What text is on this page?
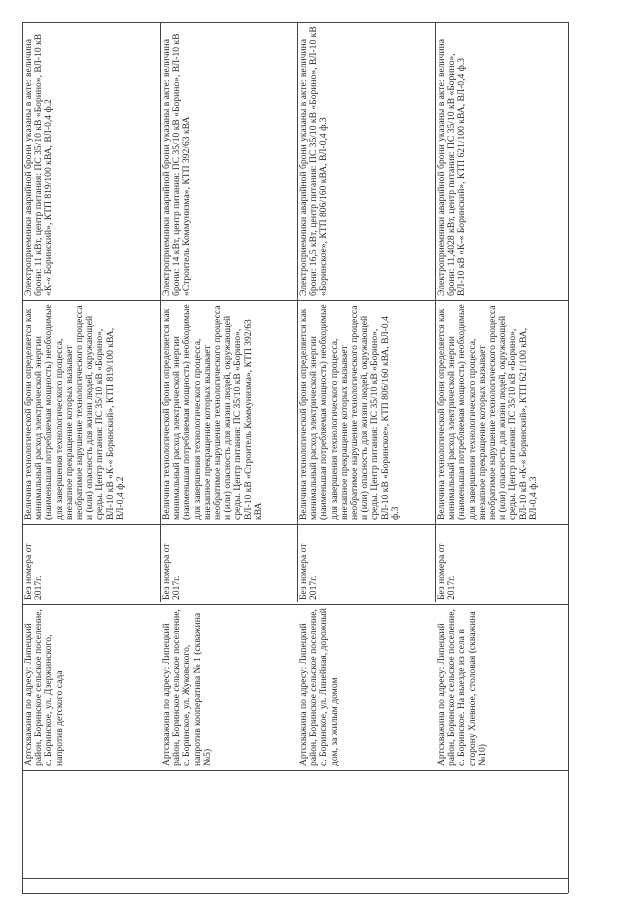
Электроприемники аварийной брони указаны в акте: величина брони: 11 кВт, центр питания: ПС 35/10 кВ «Борино», ВЛ-10 кВ «К-« Боринский», КТП 819/100 кВА, ВЛ-0,4 ф.2
Величина технологической брони определяется как минимальный расход электрической энергии (наименьшая потребляемая мощность) необходимые для завершения технологического процесса, внезапное прекращение которых вызывает необратимое нарушение технологического процесса и (или) опасность для жизни людей, окружающей среды. Центр питания: ПС 35/10 кВ «Борино», ВЛ-10 кВ «К-« Боринский», КТП 819/100 кВА, ВЛ-0,4 ф.2
Без номера от 2017г.
Артскважина по адресу: Липецкий район, Боринское сельское поселение, с. Боринское, ул. Дзержинского, напротив детского сада
Электроприемники аварийной брони указаны в акте: величина брони: 14 кВт, центр питания: ПС 35/10 кВ «Борино», ВЛ-10 кВ «Строитель Коммунизма», КТП 392/63 кВА
Величина технологической брони определяется как минимальный расход электрической энергии (наименьшая потребляемая мощность) необходимые для завершения технологического процесса, внезапное прекращение которых вызывает необратимое нарушение технологического процесса и (или) опасность для жизни людей, окружающей среды. Центр питания: ПС 35/10 кВ «Борино», ВЛ-10 кВ «Строитель Коммунизма», КТП 392/63 кВА
Без номера от 2017г.
Артскважина по адресу: Липецкий район, Боринское сельское поселение, с. Боринское, ул. Жуковского, напротив кооператива № 1 (скважина №5)
Электроприемники аварийной брони указаны в акте: величина брони: 16,5 кВт, центр питания: ПС 35/10 кВ «Борино», ВЛ-10 кВ «Боринское», КТП 806/160 кВА, ВЛ-0,4 ф.3
Величина технологической брони определяется как минимальный расход электрической энергии (наименьшая потребляемая мощность) необходимые для завершения технологического процесса, внезапное прекращение которых вызывает необратимое нарушение технологического процесса и (или) опасность для жизни людей, окружающей среды. Центр питания: ПС 35/10 кВ «Борино», ВЛ-10 кВ «Боринское», КТП 806/160 кВА, ВЛ-0,4 ф.3
Без номера от 2017г.
Артскважина по адресу: Липецкий район, Боринское сельское поселение, с. Боринское, ул. Линейная, дорожный дом, за жилым домом
Электроприемники аварийной брони указаны в акте: величина брони: 11,4028 кВт, центр питания: ПС 35/10 кВ «Борино», ВЛ-10 кВ «К-« Боринский», КТП 621/100 кВА, ВЛ-0,4 ф.3
Величина технологической брони определяется как минимальный расход электрической энергии (наименьшая потребляемая мощность) необходимые для завершения технологического процесса, внезапное прекращение которых вызывает необратимое нарушение технологического процесса и (или) опасность для жизни людей, окружающей среды. Центр питания: ПС 35/10 кВ «Борино», ВЛ-10 кВ «К-« Боринский», КТП 621/100 кВА, ВЛ-0,4 ф.3
Без номера от 2017г.
Артскважина по адресу: Липецкий район, Боринское сельское поселение, с. Боринское. На выезде из села в сторону Хлевное, столовая (скважина №10)
